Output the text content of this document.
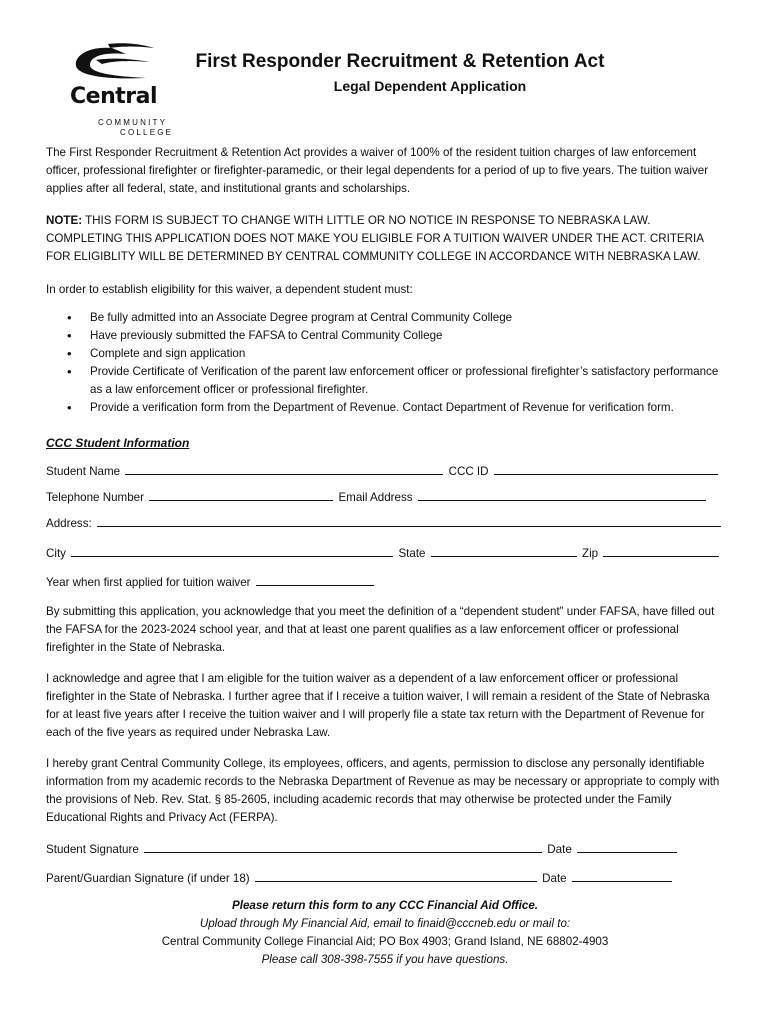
Central
COMMUNITY
COLLEGE
First Responder Recruitment & Retention Act
Legal Dependent Application

The First Responder Recruitment & Retention Act provides a waiver of 100% of the resident tuition charges of law enforcement officer, professional firefighter or firefighter-paramedic, or their legal dependents for a period of up to five years. The tuition waiver applies after all federal, state, and institutional grants and scholarships.

NOTE: THIS FORM IS SUBJECT TO CHANGE WITH LITTLE OR NO NOTICE IN RESPONSE TO NEBRASKA LAW. COMPLETING THIS APPLICATION DOES NOT MAKE YOU ELIGIBLE FOR A TUITION WAIVER UNDER THE ACT. CRITERIA FOR ELIGIBLITY WILL BE DETERMINED BY CENTRAL COMMUNITY COLLEGE IN ACCORDANCE WITH NEBRASKA LAW.

In order to establish eligibility for this waiver, a dependent student must:

• Be fully admitted into an Associate Degree program at Central Community College
• Have previously submitted the FAFSA to Central Community College
• Complete and sign application
• Provide Certificate of Verification of the parent law enforcement officer or professional firefighter’s satisfactory performance as a law enforcement officer or professional firefighter.
• Provide a verification form from the Department of Revenue. Contact Department of Revenue for verification form.
CCC Student Information
Student Name	CCC ID
Telephone Number	Email Address
Address:
City	State	Zip
Year when first applied for tuition waiver

By submitting this application, you acknowledge that you meet the definition of a “dependent student” under FAFSA, have filled out the FAFSA for the 2023-2024 school year, and that at least one parent qualifies as a law enforcement officer or professional firefighter in the State of Nebraska.

I acknowledge and agree that I am eligible for the tuition waiver as a dependent of a law enforcement officer or professional firefighter in the State of Nebraska. I further agree that if I receive a tuition waiver, I will remain a resident of the State of Nebraska for at least five years after I receive the tuition waiver and I will properly file a state tax return with the Department of Revenue for each of the five years as required under Nebraska Law.

I hereby grant Central Community College, its employees, officers, and agents, permission to disclose any personally identifiable information from my academic records to the Nebraska Department of Revenue as may be necessary or appropriate to comply with the provisions of Neb. Rev. Stat. § 85-2605, including academic records that may otherwise be protected under the Family Educational Rights and Privacy Act (FERPA).

Student Signature	Date
Parent/Guardian Signature (if under 18)	Date
Please return this form to any CCC Financial Aid Office.
Upload through My Financial Aid, email to finaid@cccneb.edu or mail to:
Central Community College Financial Aid; PO Box 4903; Grand Island, NE 68802-4903
Please call 308-398-7555 if you have questions.
